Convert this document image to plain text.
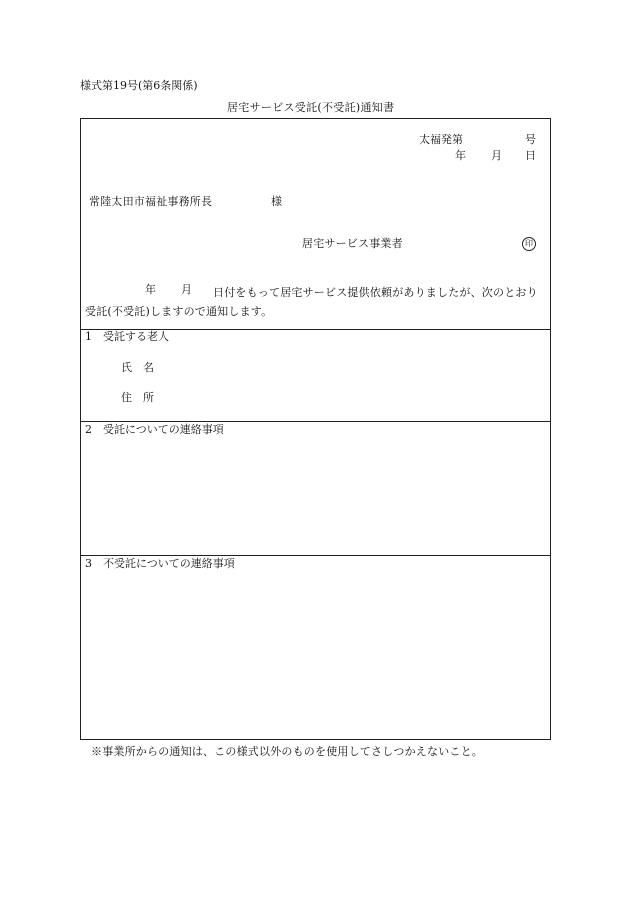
様式第19号(第6条関係)
居宅サービス受託(不受託)通知書
太福発第	号
年 月 日
常陸太田市福祉事務所長	様
居宅サービス事業者	印
年 月	日付をもって居宅サービス提供依頼がありましたが、次のとおり受託(不受託)しますので通知します。
1 受託する老人
氏　名
住　所
2 受託についての連絡事項
3 不受託についての連絡事項
※事業所からの通知は、この様式以外のものを使用してさしつかえないこと。
